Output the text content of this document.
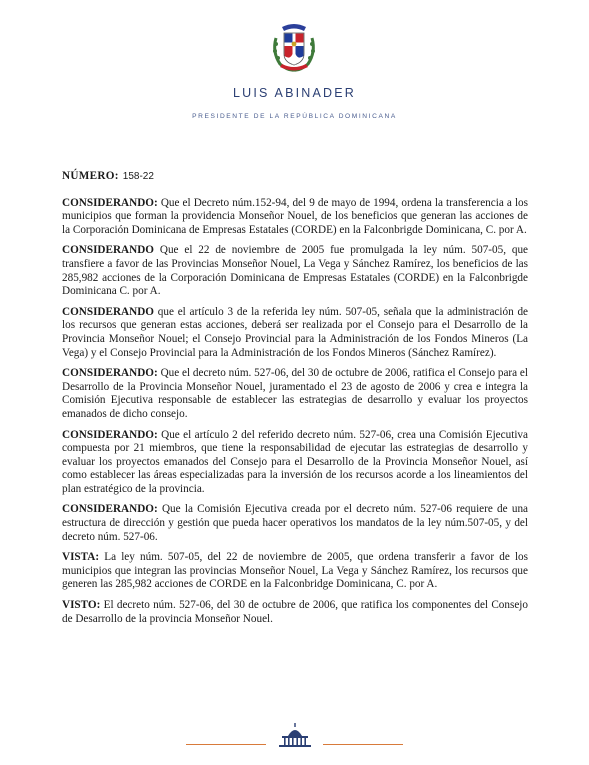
LUIS ABINADER
PRESIDENTE DE LA REPÚBLICA DOMINICANA

NÚMERO: 158-22

CONSIDERANDO: Que el Decreto núm.152-94, del 9 de mayo de 1994, ordena la transferencia a los municipios que forman la providencia Monseñor Nouel, de los beneficios que generan las acciones de la Corporación Dominicana de Empresas Estatales (CORDE) en la Falconbrigde Dominicana, C. por A.

CONSIDERANDO Que el 22 de noviembre de 2005 fue promulgada la ley núm. 507-05, que transfiere a favor de las Provincias Monseñor Nouel, La Vega y Sánchez Ramírez, los beneficios de las 285,982 acciones de la Corporación Dominicana de Empresas Estatales (CORDE) en la Falconbrigde Dominicana C. por A.

CONSIDERANDO que el artículo 3 de la referida ley núm. 507-05, señala que la administración de los recursos que generan estas acciones, deberá ser realizada por el Consejo para el Desarrollo de la Provincia Monseñor Nouel; el Consejo Provincial para la Administración de los Fondos Mineros (La Vega) y el Consejo Provincial para la Administración de los Fondos Mineros (Sánchez Ramírez).

CONSIDERANDO: Que el decreto núm. 527-06, del 30 de octubre de 2006, ratifica el Consejo para el Desarrollo de la Provincia Monseñor Nouel, juramentado el 23 de agosto de 2006 y crea e integra la Comisión Ejecutiva responsable de establecer las estrategias de desarrollo y evaluar los proyectos emanados de dicho consejo.

CONSIDERANDO: Que el artículo 2 del referido decreto núm. 527-06, crea una Comisión Ejecutiva compuesta por 21 miembros, que tiene la responsabilidad de ejecutar las estrategias de desarrollo y evaluar los proyectos emanados del Consejo para el Desarrollo de la Provincia Monseñor Nouel, así como establecer las áreas especializadas para la inversión de los recursos acorde a los lineamientos del plan estratégico de la provincia.

CONSIDERANDO: Que la Comisión Ejecutiva creada por el decreto núm. 527-06 requiere de una estructura de dirección y gestión que pueda hacer operativos los mandatos de la ley núm.507-05, y del decreto núm. 527-06.

VISTA: La ley núm. 507-05, del 22 de noviembre de 2005, que ordena transferir a favor de los municipios que integran las provincias Monseñor Nouel, La Vega y Sánchez Ramírez, los recursos que generen las 285,982 acciones de CORDE en la Falconbridge Dominicana, C. por A.

VISTO: El decreto núm. 527-06, del 30 de octubre de 2006, que ratifica los componentes del Consejo de Desarrollo de la provincia Monseñor Nouel.
